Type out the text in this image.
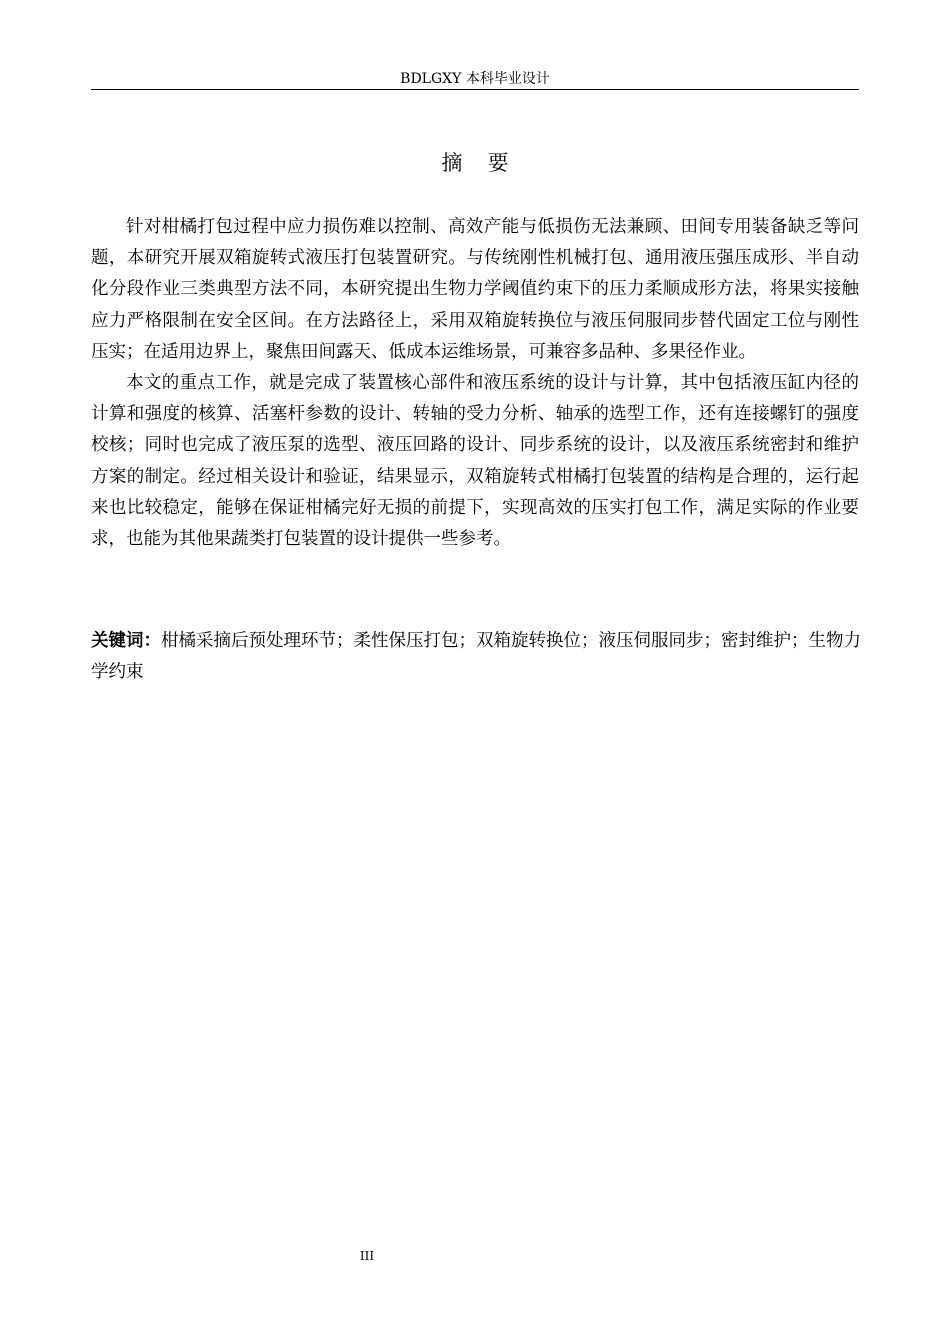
BDLGXY 本科毕业设计
摘要

针对柑橘打包过程中应力损伤难以控制、高效产能与低损伤无法兼顾、田间专用装备缺乏等问题，本研究开展双箱旋转式液压打包装置研究。与传统刚性机械打包、通用液压强压成形、半自动化分段作业三类典型方法不同，本研究提出生物力学阈值约束下的压力柔顺成形方法，将果实接触应力严格限制在安全区间。在方法路径上，采用双箱旋转换位与液压伺服同步替代固定工位与刚性压实；在适用边界上，聚焦田间露天、低成本运维场景，可兼容多品种、多果径作业。

本文的重点工作，就是完成了装置核心部件和液压系统的设计与计算，其中包括液压缸内径的计算和强度的核算、活塞杆参数的设计、转轴的受力分析、轴承的选型工作，还有连接螺钉的强度校核；同时也完成了液压泵的选型、液压回路的设计、同步系统的设计，以及液压系统密封和维护方案的制定。经过相关设计和验证，结果显示，双箱旋转式柑橘打包装置的结构是合理的，运行起来也比较稳定，能够在保证柑橘完好无损的前提下，实现高效的压实打包工作，满足实际的作业要求，也能为其他果蔬类打包装置的设计提供一些参考。

关键词：柑橘采摘后预处理环节；柔性保压打包；双箱旋转换位；液压伺服同步；密封维护；生物力学约束
III
